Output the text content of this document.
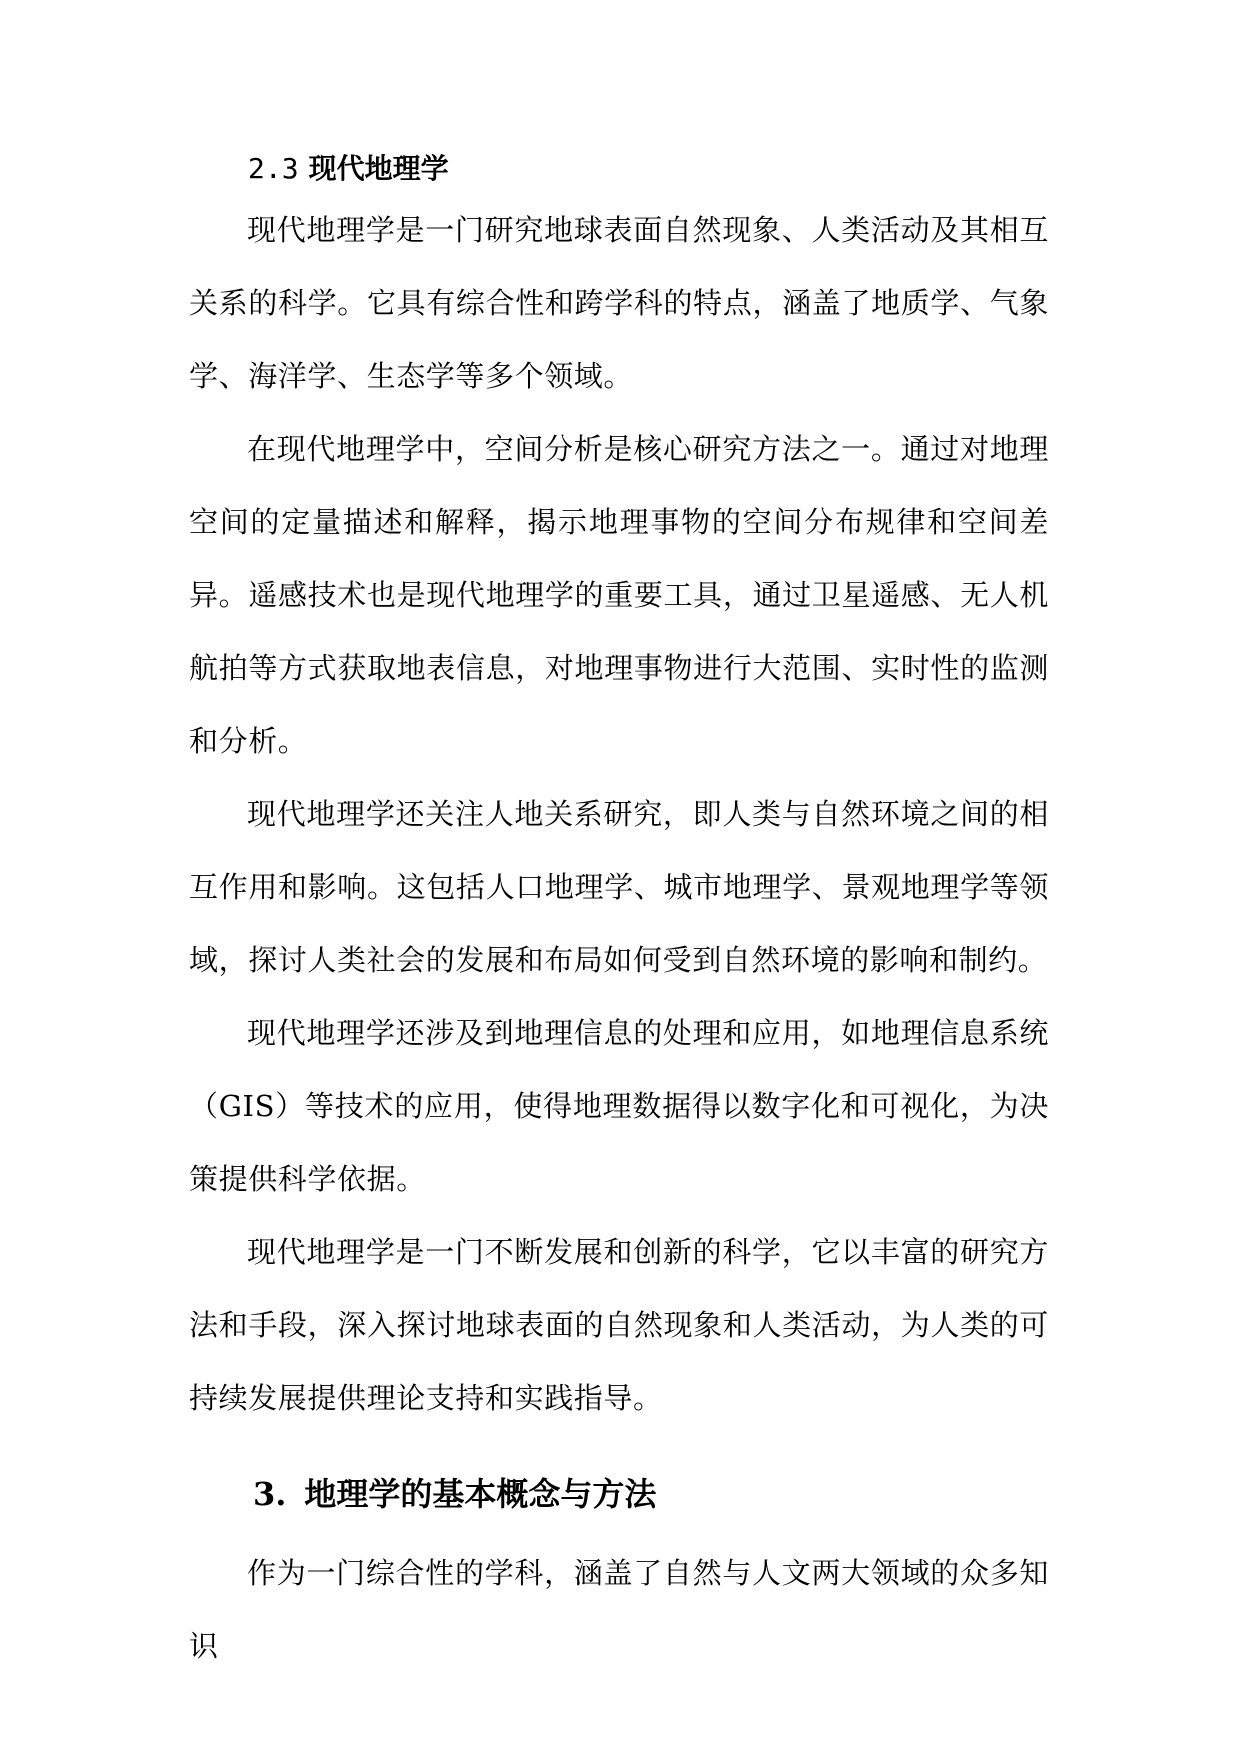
2.3 现代地理学

现代地理学是一门研究地球表面自然现象、人类活动及其相互关系的科学。它具有综合性和跨学科的特点，涵盖了地质学、气象学、海洋学、生态学等多个领域。

在现代地理学中，空间分析是核心研究方法之一。通过对地理空间的定量描述和解释，揭示地理事物的空间分布规律和空间差异。遥感技术也是现代地理学的重要工具，通过卫星遥感、无人机航拍等方式获取地表信息，对地理事物进行大范围、实时性的监测和分析。

现代地理学还关注人地关系研究，即人类与自然环境之间的相互作用和影响。这包括人口地理学、城市地理学、景观地理学等领域，探讨人类社会的发展和布局如何受到自然环境的影响和制约。

现代地理学还涉及到地理信息的处理和应用，如地理信息系统（GIS）等技术的应用，使得地理数据得以数字化和可视化，为决策提供科学依据。

现代地理学是一门不断发展和创新的科学，它以丰富的研究方法和手段，深入探讨地球表面的自然现象和人类活动，为人类的可持续发展提供理论支持和实践指导。

3. 地理学的基本概念与方法

作为一门综合性的学科，涵盖了自然与人文两大领域的众多知识
